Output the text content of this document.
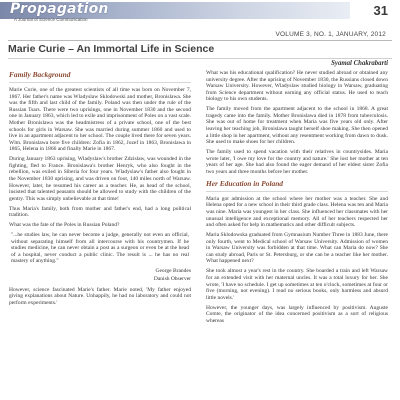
Propagation
A Journal of Science Communication
31
VOLUME 3, NO. 1, JANUARY, 2012
Marie Curie – An Immortal Life in Science
Syamal Chakrabarti
Family Background

Marie Curie, one of the greatest scientists of all time was born on November 7, 1867. Her father's name was Wladyslaw Sklodowski and mother, Bronislawa. She was the fifth and last child of the family. Poland was then under the rule of the Russian Tsars. There were two uprisings, one in November 1830 and the second one in January 1863, which led to exile and imprisonment of Poles on a vast scale. Mother Bronislawa was the headmistress of a private school, one of the best schools for girls in Warsaw. She was married during summer 1860 and used to live in an apartment adjacent to her school. The couple lived there for seven years. Wlm. Bronislawa bore five children: Zofia in 1862, Jozef in 1863, Bronislawa in 1865, Helena in 1866 and finally Marie in 1867.

During January 1863 uprising, Wladyslaw's brother Zdzislaw, was wounded in the fighting, fled to France. Bronislawa's brother Henryk, who also fought in the rebellion, was exiled in Siberia for four years. Wladyslaw's father also fought in the November 1830 uprising, and was driven on foot, 140 miles north of Warsaw. However, later, he resumed his career as a teacher. He, as head of the school, insisted that talented peasants should be allowed to study with the children of the gentry. This was simply unbelievable at that time!

Thus Maria's family, both from mother and father's end, had a long political tradition.

What was the fate of the Poles in Russian Poland?

"...he studies law, he can never become a judge, generally not even an official, without separating himself from all intercourse with his countrymen. If he studies medicine, he can never obtain a post as a surgeon or even be at the head of a hospital, never conduct a public clinic. The result is ... he has no real mastery of anything."

George Brandes
Danish Observer

However, science fascinated Marie's father. Marie noted, 'My father enjoyed giving explanations about Nature. Unhappily, he had no laboratory and could not perform experiments.'

What was his educational qualification? He never studied abroad or obtained any university degree. After the uprising of November 1830, the Russians closed down Warsaw University. However, Wladyslaw studied biology in Warsaw, graduating from Science department without earning any official status. He used to teach biology to his own students.

The family moved from the apartment adjacent to the school in 1868. A great tragedy came into the family. Mother Bronislawa died in 1878 from tuberculosis. She was out of home for treatment when Maria was five years old only. After leaving her teaching job, Bronislawa taught herself shoe making. She then opened a little shop in her apartment, without any resentment working from dawn to dusk. She used to make shoes for her children.

The family used to spend vacation with their relatives in countrysides. Maria wrote later, 'I owe my love for the country and nature.' She lost her mother at ten years of her age. She had also found the eager demand of her eldest sister Zofia two years and three months before her mother.

Her Education in Poland

Maria got admission at the school where her mother was a teacher. She and Helena opted for a new school in their third grade class. Helena was ten and Maria was nine. Maria was youngest in her class. She influenced her classmates with her unusual intelligence and exceptional memory. All of her teachers respected her and often asked for help in mathematics and other difficult subjects.

Maria Sklodowska graduated from Gymnasium Number Three in 1883 June, there only fourth, went to Medical school of Warsaw University. Admission of women in Warsaw University was forbidden at that time. What can Maria do now? She can study abroad, Paris or St. Petersburg, or she can be a teacher like her mother. What happened next?

She took almost a year's rest in the country. She boarded a train and left Warsaw for an extended visit with her maternal uncles. It was a total luxury for her. She wrote, 'I have no schedule. I get up sometimes at ten o'clock, sometimes at four or five (morning, not evening). I read no serious books, only harmless and absurd little novels.'

However, the younger days, was largely influenced by positivism. Auguste Comte, the originator of the idea concerned positivism as a sort of religious whereas
